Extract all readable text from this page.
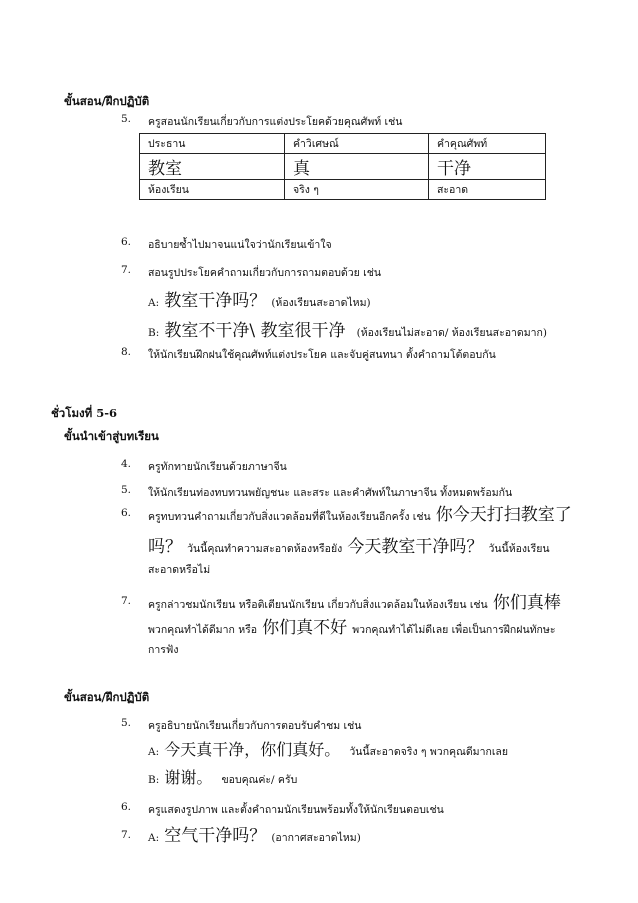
ขั้นสอน/ฝึกปฏิบัติ
5. ครูสอนนักเรียนเกี่ยวกับการแต่งประโยคด้วยคุณศัพท์ เช่น
ประธาน	คำวิเศษณ์	คำคุณศัพท์
教室	真	干净
ห้องเรียน	จริง ๆ	สะอาด
6. อธิบายซ้ำไปมาจนแน่ใจว่านักเรียนเข้าใจ
7. สอนรูปประโยคคำถามเกี่ยวกับการถามตอบด้วย เช่น
A: 教室干净吗？ (ห้องเรียนสะอาดไหม)
B: 教室不干净\ 教室很干净 (ห้องเรียนไม่สะอาด/ ห้องเรียนสะอาดมาก)
8. ให้นักเรียนฝึกฝนใช้คุณศัพท์แต่งประโยค และจับคู่สนทนา ตั้งคำถามโต้ตอบกัน
ชั่วโมงที่ 5-6
ขั้นนำเข้าสู่บทเรียน
4. ครูทักทายนักเรียนด้วยภาษาจีน
5. ให้นักเรียนท่องทบทวนพยัญชนะ และสระ และคำศัพท์ในภาษาจีน ทั้งหมดพร้อมกัน
6. ครูทบทวนคำถามเกี่ยวกับสิ่งแวดล้อมที่ดีในห้องเรียนอีกครั้ง เช่น 你今天打扫教室了
吗？ วันนี้คุณทำความสะอาดห้องหรือยัง 今天教室干净吗？ วันนี้ห้องเรียน
สะอาดหรือไม่
7. ครูกล่าวชมนักเรียน หรือติเตียนนักเรียน เกี่ยวกับสิ่งแวดล้อมในห้องเรียน เช่น 你们真棒
พวกคุณทำได้ดีมาก หรือ 你们真不好 พวกคุณทำได้ไม่ดีเลย เพื่อเป็นการฝึกฝนทักษะ
การฟัง
ขั้นสอน/ฝึกปฏิบัติ
5. ครูอธิบายนักเรียนเกี่ยวกับการตอบรับคำชม เช่น
A: 今天真干净，你们真好。 วันนี้สะอาดจริง ๆ พวกคุณดีมากเลย
B: 谢谢。 ขอบคุณค่ะ/ ครับ
6. ครูแสดงรูปภาพ และตั้งคำถามนักเรียนพร้อมทั้งให้นักเรียนตอบเช่น
7. A: 空气干净吗？ (อากาศสะอาดไหม)
